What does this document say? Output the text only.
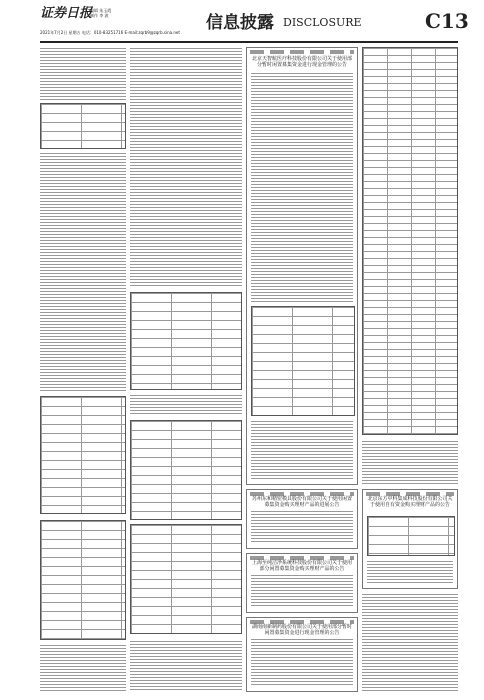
证券日报
编辑 朱玉霞
制作 李 波
2021年7月2日 星期五 电话：010-83251716 E-mail:zqrb9@zqrb.sina.net 信息披露 DISCLOSURE	C13
北京天智航医疗科技股份有限公司关于使用部分暂时闲置募集资金进行现金管理的公告
苏州东和精密模具股份有限公司关于使用闲置募集资金购买理财产品的进展公告
北京东方中科集成科技股份有限公司关于使用自有资金购买理财产品的公告
上海至纯洁净系统科技股份有限公司关于使用部分闲置募集资金购买理财产品的公告
湖南南新制药股份有限公司关于使用部分暂时闲置募集资金进行现金管理的公告
